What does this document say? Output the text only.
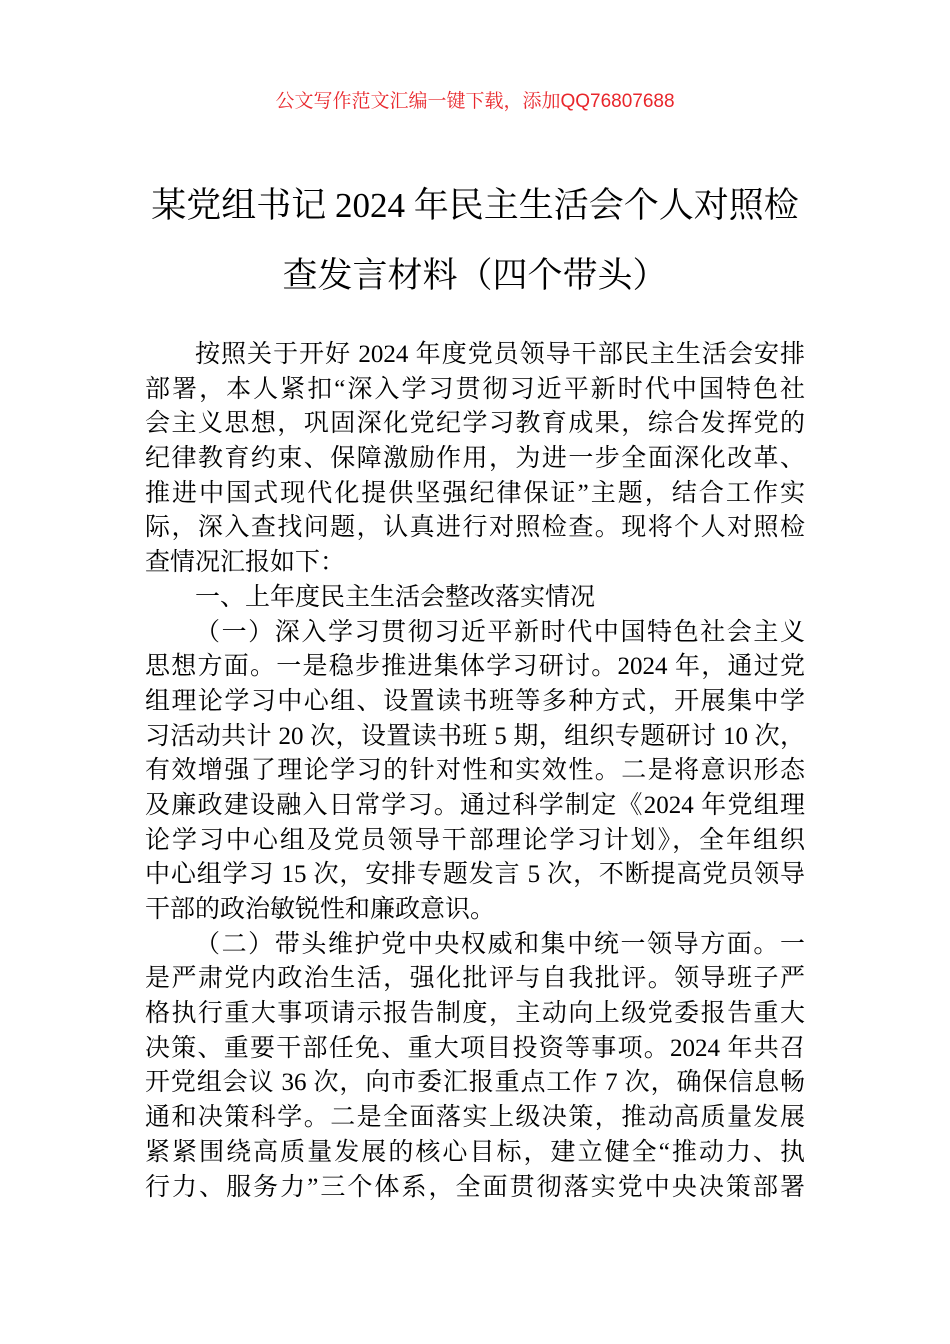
公文写作范文汇编一键下载，添加QQ76807688
某党组书记 2024 年民主生活会个人对照检
查发言材料（四个带头）
按照关于开好 2024 年度党员领导干部民主生活会安排
部署，本人紧扣“深入学习贯彻习近平新时代中国特色社
会主义思想，巩固深化党纪学习教育成果，综合发挥党的
纪律教育约束、保障激励作用，为进一步全面深化改革、
推进中国式现代化提供坚强纪律保证”主题，结合工作实
际，深入查找问题，认真进行对照检查。现将个人对照检
查情况汇报如下：
一、上年度民主生活会整改落实情况
（一）深入学习贯彻习近平新时代中国特色社会主义
思想方面。一是稳步推进集体学习研讨。2024 年，通过党
组理论学习中心组、设置读书班等多种方式，开展集中学
习活动共计 20 次，设置读书班 5 期，组织专题研讨 10 次，
有效增强了理论学习的针对性和实效性。二是将意识形态
及廉政建设融入日常学习。通过科学制定《2024 年党组理
论学习中心组及党员领导干部理论学习计划》，全年组织
中心组学习 15 次，安排专题发言 5 次，不断提高党员领导
干部的政治敏锐性和廉政意识。
（二）带头维护党中央权威和集中统一领导方面。一
是严肃党内政治生活，强化批评与自我批评。领导班子严
格执行重大事项请示报告制度，主动向上级党委报告重大
决策、重要干部任免、重大项目投资等事项。2024 年共召
开党组会议 36 次，向市委汇报重点工作 7 次，确保信息畅
通和决策科学。二是全面落实上级决策，推动高质量发展
紧紧围绕高质量发展的核心目标，建立健全“推动力、执
行力、服务力”三个体系，全面贯彻落实党中央决策部署
